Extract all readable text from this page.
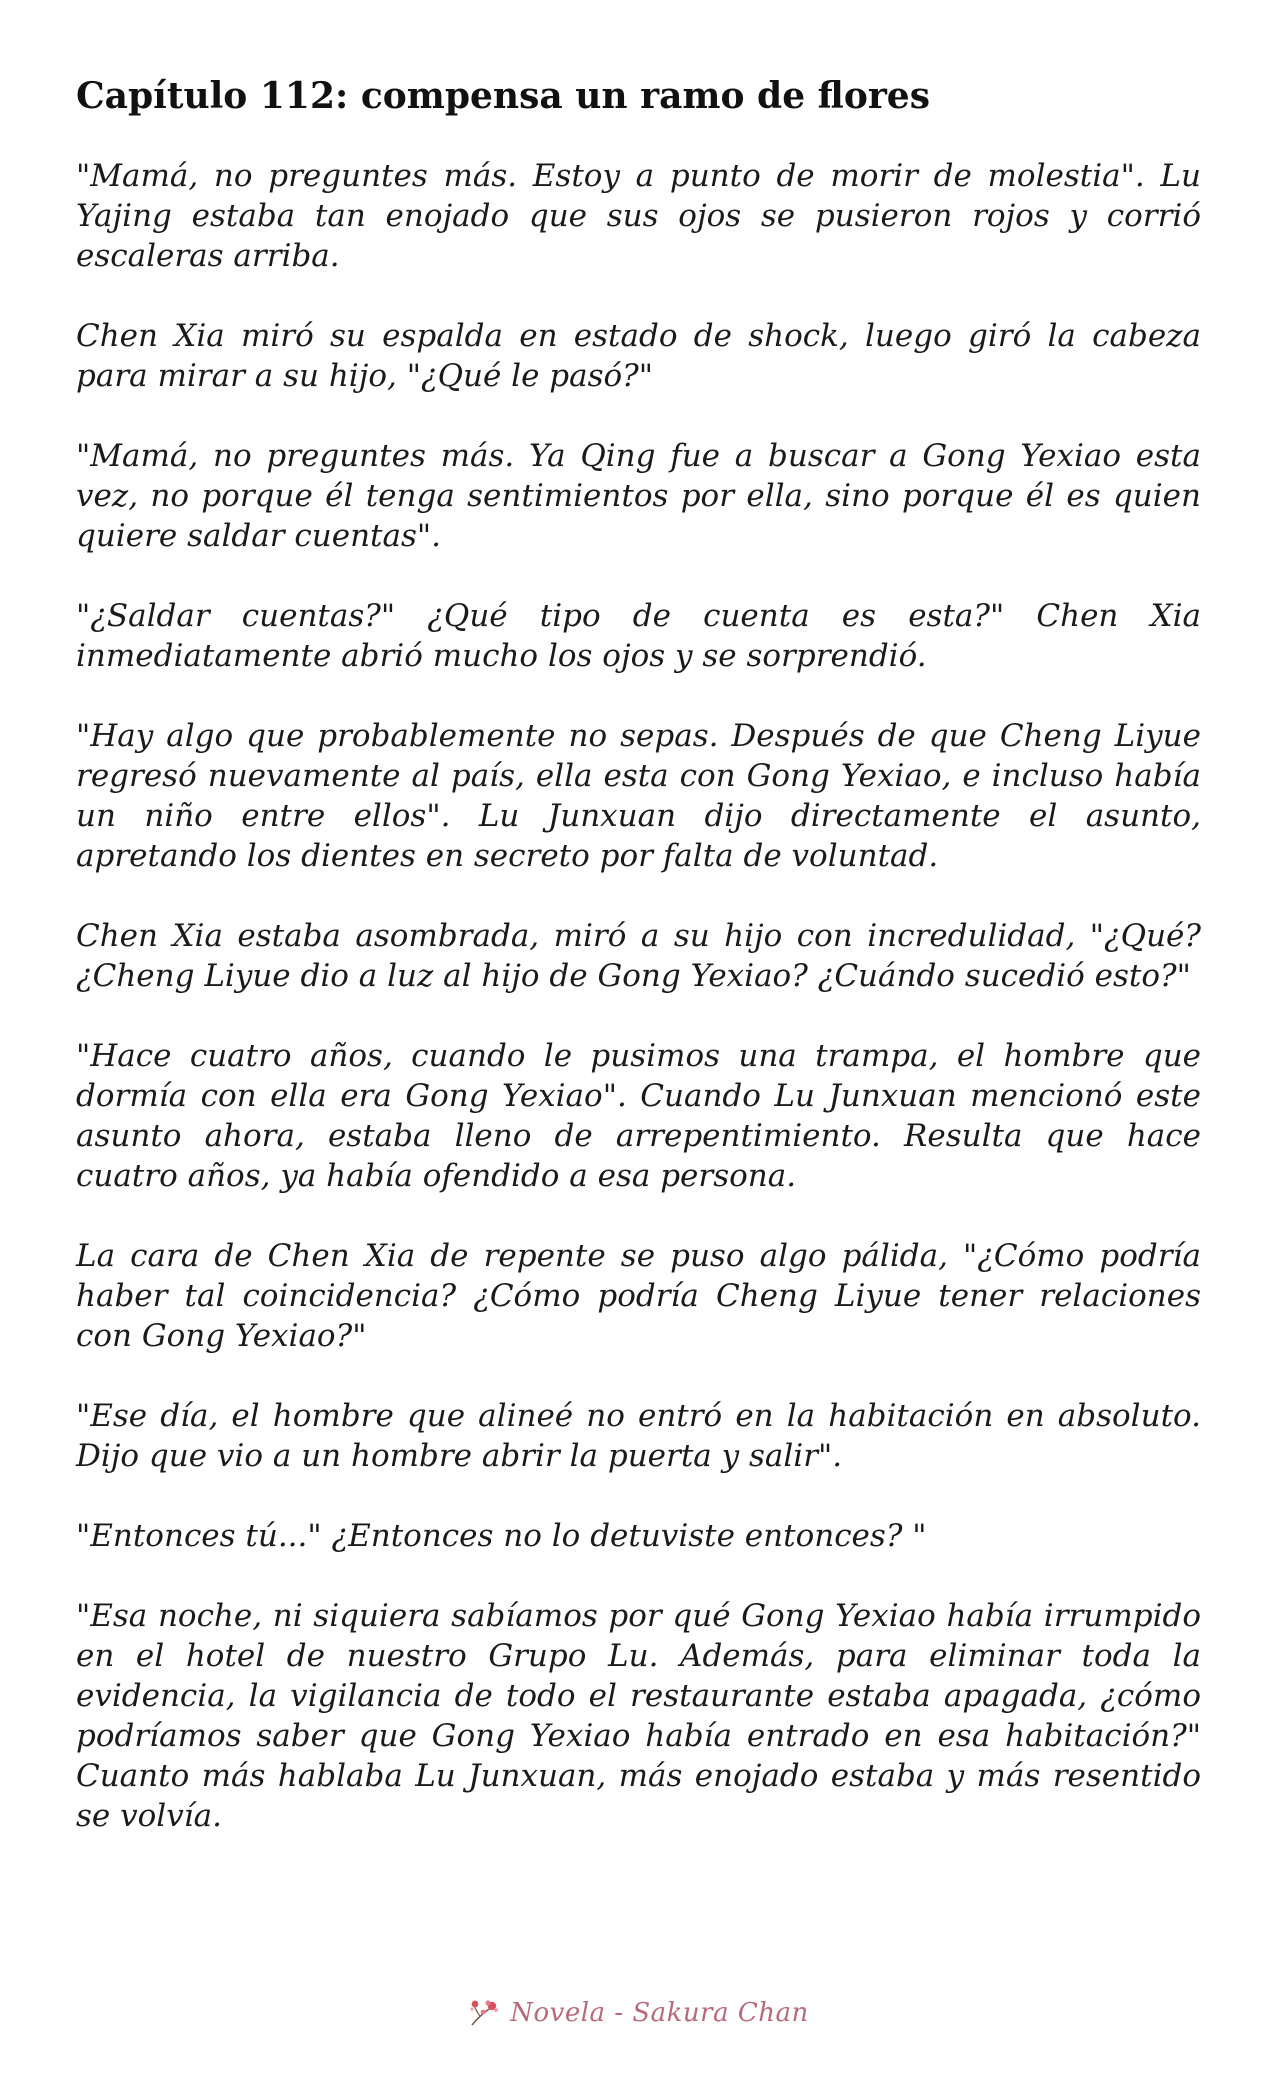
Capítulo 112: compensa un ramo de flores

"Mamá, no preguntes más. Estoy a punto de morir de molestia". Lu Yajing estaba tan enojado que sus ojos se pusieron rojos y corrió escaleras arriba.

Chen Xia miró su espalda en estado de shock, luego giró la cabeza para mirar a su hijo, "¿Qué le pasó?"

"Mamá, no preguntes más. Ya Qing fue a buscar a Gong Yexiao esta vez, no porque él tenga sentimientos por ella, sino porque él es quien quiere saldar cuentas".

"¿Saldar cuentas?" ¿Qué tipo de cuenta es esta?" Chen Xia inmediatamente abrió mucho los ojos y se sorprendió.

"Hay algo que probablemente no sepas. Después de que Cheng Liyue regresó nuevamente al país, ella esta con Gong Yexiao, e incluso había un niño entre ellos". Lu Junxuan dijo directamente el asunto, apretando los dientes en secreto por falta de voluntad.

Chen Xia estaba asombrada, miró a su hijo con incredulidad, "¿Qué? ¿Cheng Liyue dio a luz al hijo de Gong Yexiao? ¿Cuándo sucedió esto?"

"Hace cuatro años, cuando le pusimos una trampa, el hombre que dormía con ella era Gong Yexiao". Cuando Lu Junxuan mencionó este asunto ahora, estaba lleno de arrepentimiento. Resulta que hace cuatro años, ya había ofendido a esa persona.

La cara de Chen Xia de repente se puso algo pálida, "¿Cómo podría haber tal coincidencia? ¿Cómo podría Cheng Liyue tener relaciones con Gong Yexiao?"

"Ese día, el hombre que alineé no entró en la habitación en absoluto. Dijo que vio a un hombre abrir la puerta y salir".

"Entonces tú..." ¿Entonces no lo detuviste entonces? "

"Esa noche, ni siquiera sabíamos por qué Gong Yexiao había irrumpido en el hotel de nuestro Grupo Lu. Además, para eliminar toda la evidencia, la vigilancia de todo el restaurante estaba apagada, ¿cómo podríamos saber que Gong Yexiao había entrado en esa habitación?" Cuanto más hablaba Lu Junxuan, más enojado estaba y más resentido se volvía.

Novela - Sakura Chan
